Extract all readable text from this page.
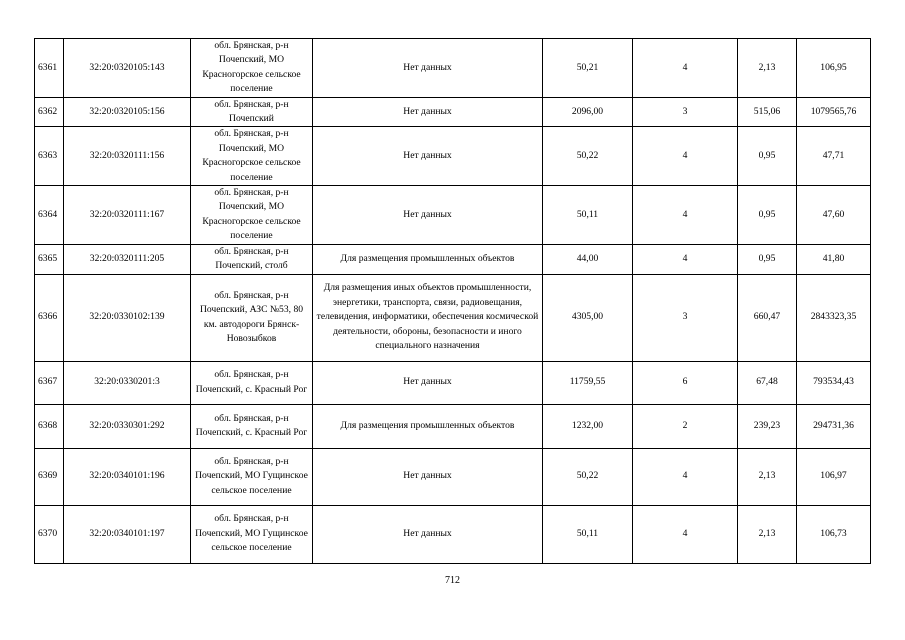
6361	32:20:0320105:143	обл. Брянская, р-н Почепский, МО Красногорское сельское поселение	Нет данных	50,21	4	2,13	106,95
6362	32:20:0320105:156	обл. Брянская, р-н Почепский	Нет данных	2096,00	3	515,06	1079565,76
6363	32:20:0320111:156	обл. Брянская, р-н Почепский, МО Красногорское сельское поселение	Нет данных	50,22	4	0,95	47,71
6364	32:20:0320111:167	обл. Брянская, р-н Почепский, МО Красногорское сельское поселение	Нет данных	50,11	4	0,95	47,60
6365	32:20:0320111:205	обл. Брянская, р-н Почепский, столб	Для размещения промышленных объектов	44,00	4	0,95	41,80
6366	32:20:0330102:139	обл. Брянская, р-н Почепский, АЗС №53, 80 км. автодороги Брянск-Новозыбков	Для размещения иных объектов промышленности, энергетики, транспорта, связи, радиовещания, телевидения, информатики, обеспечения космической деятельности, обороны, безопасности и иного специального назначения	4305,00	3	660,47	2843323,35
6367	32:20:0330201:3	обл. Брянская, р-н Почепский, с. Красный Рог	Нет данных	11759,55	6	67,48	793534,43
6368	32:20:0330301:292	обл. Брянская, р-н Почепский, с. Красный Рог	Для размещения промышленных объектов	1232,00	2	239,23	294731,36
6369	32:20:0340101:196	обл. Брянская, р-н Почепский, МО Гущинское сельское поселение	Нет данных	50,22	4	2,13	106,97
6370	32:20:0340101:197	обл. Брянская, р-н Почепский, МО Гущинское сельское поселение	Нет данных	50,11	4	2,13	106,73
712
